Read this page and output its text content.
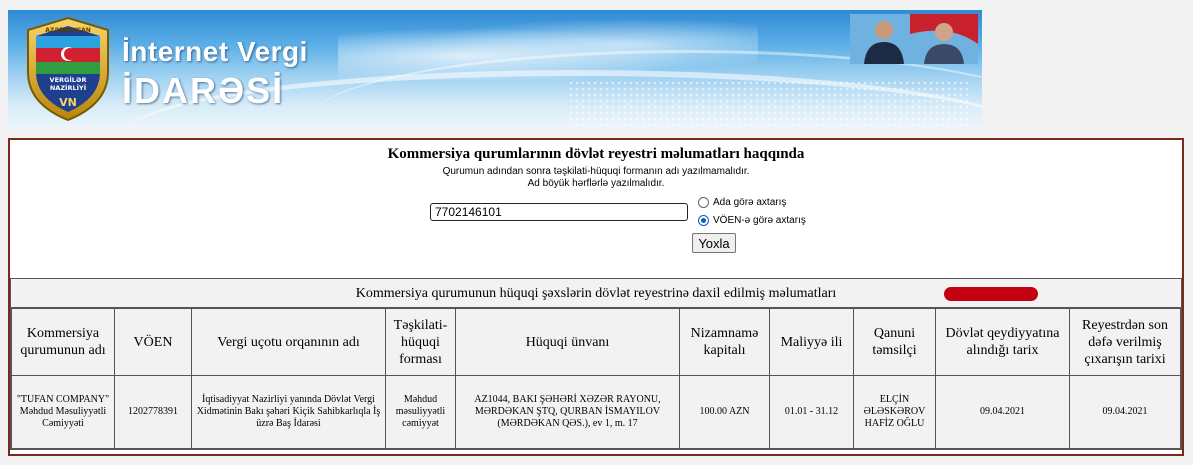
AZƏRBAYCAN
VERGİLƏR
NAZİRLİYİ
VN
İnternet Vergi
İDARƏSİ
Kommersiya qurumlarının dövlət reyestri məlumatları haqqında
Qurumun adından sonra təşkilati-hüquqi formanın adı yazılmamalıdır.
Ad böyük hərflərlə yazılmalıdır.
7702146101
Ada görə axtarış
VÖEN-ə görə axtarış
Yoxla
Kommersiya qurumunun hüquqi şəxslərin dövlət reyestrinə daxil edilmiş məlumatları
Kommersiya qurumunun adı	VÖEN	Vergi uçotu orqanının adı	Təşkilati-hüquqi forması	Hüquqi ünvanı	Nizamnamə kapitalı	Maliyyə ili	Qanuni təmsilçi	Dövlət qeydiyyatına alındığı tarix	Reyestrdən son dəfə verilmiş çıxarışın tarixi
"TUFAN COMPANY" Məhdud Məsuliyyətli Cəmiyyəti	1202778391	İqtisadiyyat Nazirliyi yanında Dövlət Vergi Xidmətinin Bakı şəhəri Kiçik Sahibkarlıqla İş üzrə Baş İdarəsi	Məhdud məsuliyyətli cəmiyyət	AZ1044, BAKI ŞƏHƏRİ XƏZƏR RAYONU, MƏRDƏKAN ŞTQ, QURBAN İSMAYILOV (MƏRDƏKAN QƏS.), ev 1, m. 17	100.00 AZN	01.01 - 31.12	ELÇİN ƏLƏSKƏROV HAFİZ OĞLU	09.04.2021	09.04.2021
